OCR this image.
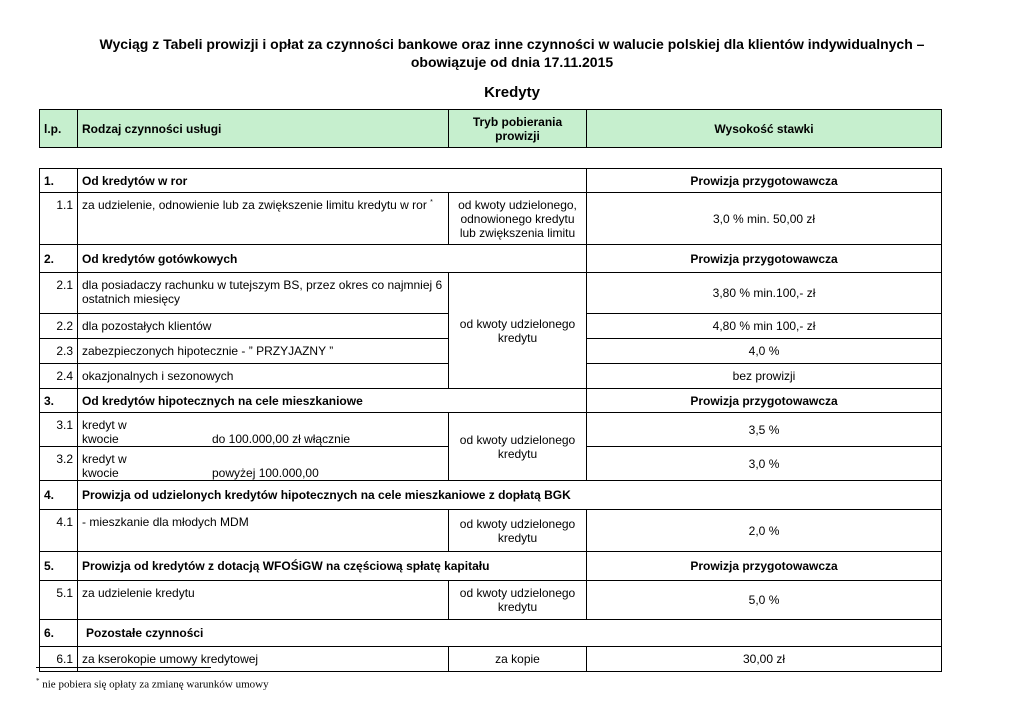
Wyciąg z Tabeli prowizji i opłat za czynności bankowe oraz inne czynności w walucie polskiej dla klientów indywidualnych –
obowiązuje od dnia 17.11.2015
Kredyty
l.p.	Rodzaj czynności usługi	Tryb pobierania prowizji	Wysokość stawki
1.	Od kredytów w ror		Prowizja przygotowawcza
1.1	za udzielenie, odnowienie lub za zwiększenie limitu kredytu w ror *	od kwoty udzielonego, odnowionego kredytu lub zwiększenia limitu	3,0 % min. 50,00 zł
2.	Od kredytów gotówkowych		Prowizja przygotowawcza
2.1	dla posiadaczy rachunku w tutejszym BS, przez okres co najmniej 6 ostatnich miesięcy	od kwoty udzielonego kredytu	3,80 % min.100,- zł
2.2	dla pozostałych klientów		4,80 % min 100,- zł
2.3	zabezpieczonych hipotecznie - ” PRZYJAZNY ”		4,0 %
2.4	okazjonalnych i sezonowych		bez prowizji
3.	Od kredytów hipotecznych na cele mieszkaniowe		Prowizja przygotowawcza
3.1	kredyt w kwocie do 100.000,00 zł włącznie	od kwoty udzielonego kredytu	3,5 %
3.2	kredyt w kwocie powyżej 100.000,00		3,0 %
4.	Prowizja od udzielonych kredytów hipotecznych na cele mieszkaniowe z dopłatą BGK		
4.1	- mieszkanie dla młodych MDM	od kwoty udzielonego kredytu	2,0 %
5.	Prowizja od kredytów z dotacją WFOŚiGW na częściową spłatę kapitału		Prowizja przygotowawcza
5.1	za udzielenie kredytu	od kwoty udzielonego kredytu	5,0 %
6.	Pozostałe czynności		
6.1	za kserokopie umowy kredytowej	za kopie	30,00 zł
* nie pobiera się opłaty za zmianę warunków umowy
